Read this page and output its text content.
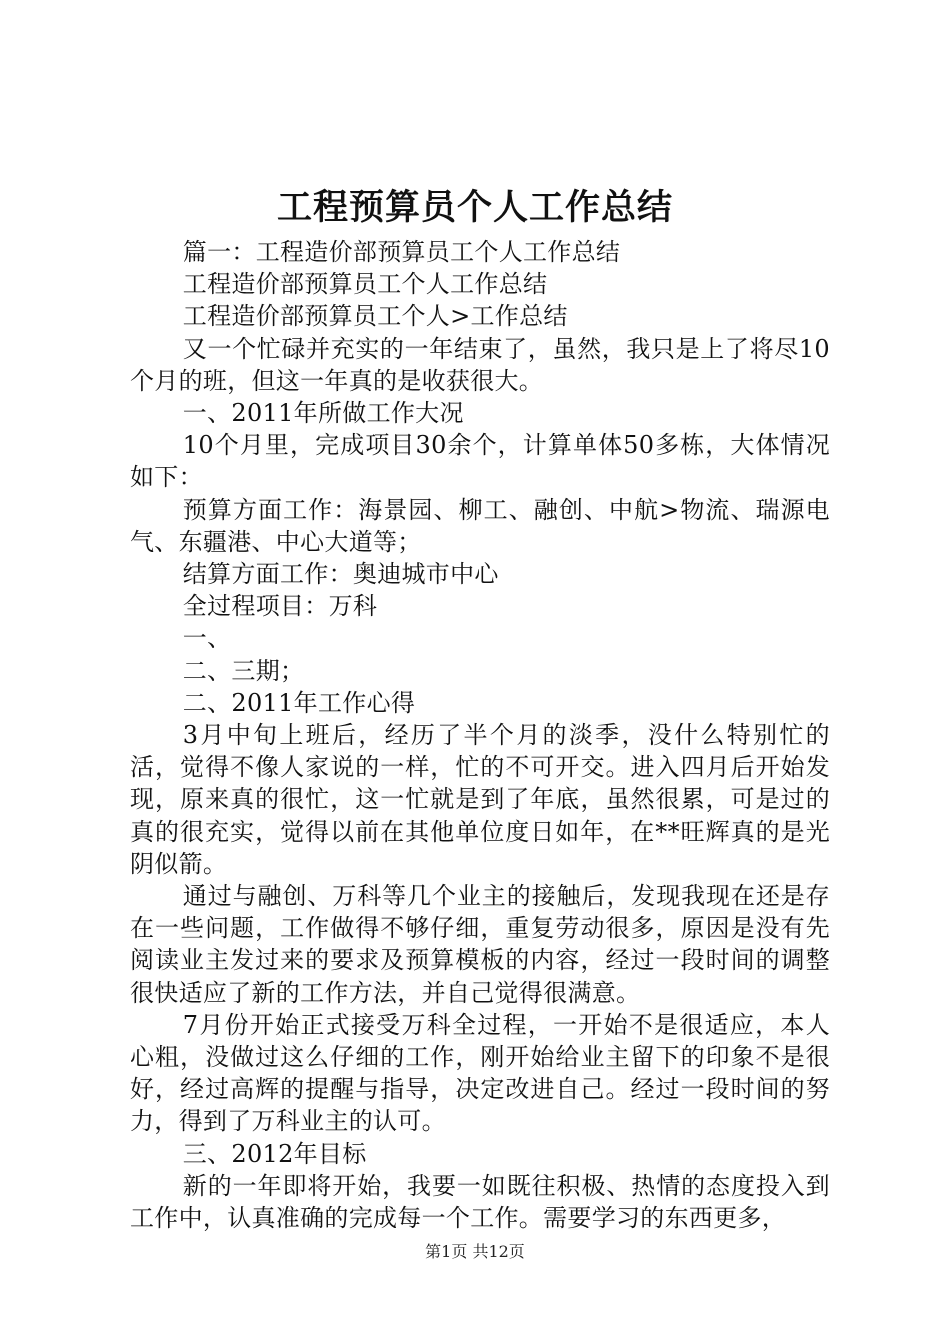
工程预算员个人工作总结

篇一：工程造价部预算员工个人工作总结

工程造价部预算员工个人工作总结

工程造价部预算员工个人>工作总结

又一个忙碌并充实的一年结束了，虽然，我只是上了将尽10个月的班，但这一年真的是收获很大。

一、2011年所做工作大况

10个月里，完成项目30余个，计算单体50多栋，大体情况如下：

预算方面工作：海景园、柳工、融创、中航>物流、瑞源电气、东疆港、中心大道等；

结算方面工作：奥迪城市中心

全过程项目：万科

一、

二、三期；

二、2011年工作心得

3月中旬上班后，经历了半个月的淡季，没什么特别忙的活，觉得不像人家说的一样，忙的不可开交。进入四月后开始发现，原来真的很忙，这一忙就是到了年底，虽然很累，可是过的真的很充实，觉得以前在其他单位度日如年，在**旺辉真的是光阴似箭。

通过与融创、万科等几个业主的接触后，发现我现在还是存在一些问题，工作做得不够仔细，重复劳动很多，原因是没有先阅读业主发过来的要求及预算模板的内容，经过一段时间的调整很快适应了新的工作方法，并自己觉得很满意。

7月份开始正式接受万科全过程，一开始不是很适应，本人心粗，没做过这么仔细的工作，刚开始给业主留下的印象不是很好，经过高辉的提醒与指导，决定改进自己。经过一段时间的努力，得到了万科业主的认可。

三、2012年目标

新的一年即将开始，我要一如既往积极、热情的态度投入到工作中，认真准确的完成每一个工作。需要学习的东西更多，

第1页 共12页
